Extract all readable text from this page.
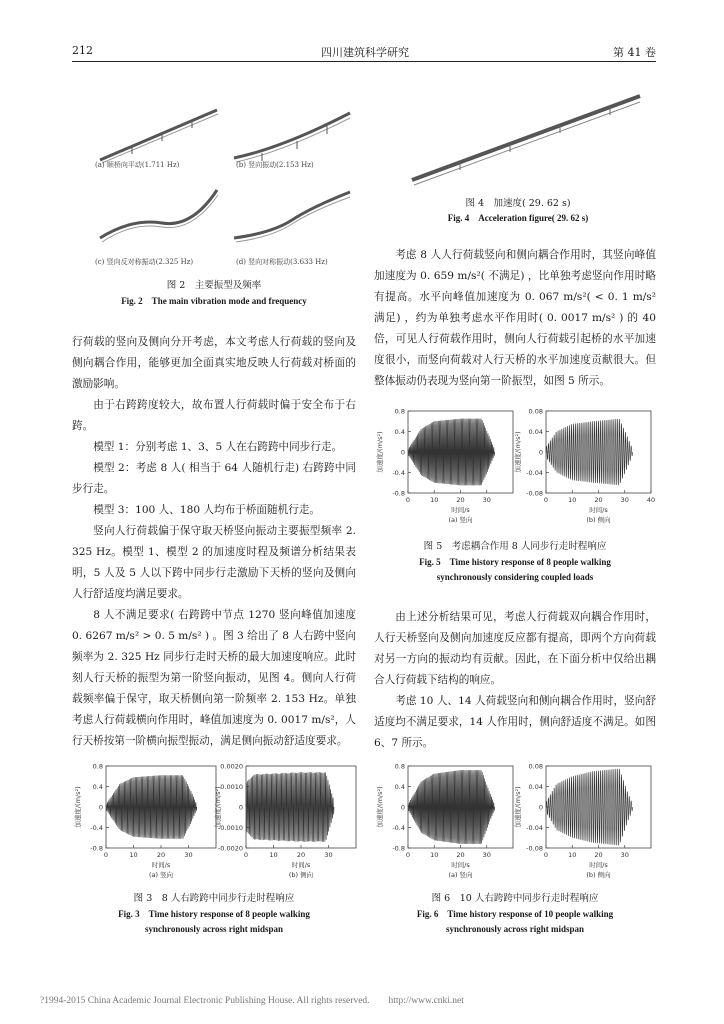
212	四川建筑科学研究	第 41 卷
(a) 顺桥向平动(1.711 Hz)	(b) 竖向振动(2.153 Hz)
(c) 竖向反对称振动(2.325 Hz)	(d) 竖向对称振动(3.633 Hz)
图 2　主要振型及频率
Fig. 2　The main vibration mode and frequency
图 4　加速度( 29. 62 s)
Fig. 4　Acceleration figure( 29. 62 s)

行荷载的竖向及侧向分开考虑，本文考虑人行荷载的竖向及侧向耦合作用，能够更加全面真实地反映人行荷载对桥面的激励影响。

由于右跨跨度较大，故布置人行荷载时偏于安全布于右跨。

模型 1：分别考虑 1、3、5 人在右跨跨中同步行走。

模型 2：考虑 8 人( 相当于 64 人随机行走) 右跨跨中同步行走。

模型 3：100 人、180 人均布于桥面随机行走。

竖向人行荷载偏于保守取天桥竖向振动主要振型频率 2. 325 Hz。模型 1、模型 2 的加速度时程及频谱分析结果表明，5 人及 5 人以下跨中同步行走激励下天桥的竖向及侧向人行舒适度均满足要求。

8 人不满足要求( 右跨跨中节点 1270 竖向峰值加速度 0. 6267 m/s² > 0. 5 m/s² ) 。图 3 给出了 8 人右跨中竖向频率为 2. 325 Hz 同步行走时天桥的最大加速度响应。此时刻人行天桥的振型为第一阶竖向振动，见图 4。侧向人行荷载频率偏于保守，取天桥侧向第一阶频率 2. 153 Hz。单独考虑人行荷载横向作用时，峰值加速度为 0. 0017 m/s²，人行天桥按第一阶横向振型振动，满足侧向振动舒适度要求。

考虑 8 人人行荷载竖向和侧向耦合作用时，其竖向峰值加速度为 0. 659 m/s²( 不满足) ，比单独考虑竖向作用时略有提高。水平向峰值加速度为 0. 067 m/s²( < 0. 1 m/s² 满足) ，约为单独考虑水平作用时( 0. 0017 m/s² ) 的 40 倍，可见人行荷载作用时，侧向人行荷载引起桥的水平加速度很小，而竖向荷载对人行天桥的水平加速度贡献很大。但整体振动仍表现为竖向第一阶振型，如图 5 所示。

0.8
0.4
0
-0.4
-0.8
0	10	20	30
加速度/(m/s²)
时间/s
(a) 竖向
0.0020
0.0010
0
-0.0010
-0.0020
0	10	20	30
加速度/(m/s²)
时间/s
(b) 侧向
图 3　8 人右跨跨中同步行走时程响应
Fig. 3　Time history response of 8 people walking
synchronously across right midspan
0.8
0.4
0
-0.4
-0.8
0	10	20	30
加速度/(m/s²)
时间/s
(a) 竖向
0.08
0.04
0
-0.04
-0.08
0	10	20	30	40
加速度/(m/s²)
时间/s
(b) 侧向
图 5　考虑耦合作用 8 人同步行走时程响应
Fig. 5　Time history response of 8 people walking
synchronously considering coupled loads

由上述分析结果可见，考虑人行荷载双向耦合作用时，人行天桥竖向及侧向加速度反应都有提高，即两个方向荷载对另一方向的振动均有贡献。因此，在下面分析中仅给出耦合人行荷载下结构的响应。

考虑 10 人、14 人荷载竖向和侧向耦合作用时，竖向舒适度均不满足要求，14 人作用时，侧向舒适度不满足。如图 6、7 所示。

0.8
0.4
0
-0.4
-0.8
0	10	20	30
加速度/(m/s²)
时间/s
(a) 竖向
0.08
0.04
0
-0.04
-0.08
0	10	20	30
加速度/(m/s²)
时间/s
(b) 侧向
图 6　10 人右跨跨中同步行走时程响应
Fig. 6　Time history response of 10 people walking
synchronously across right midspan
?1994-2015 China Academic Journal Electronic Publishing House. All rights reserved.　　http://www.cnki.net
